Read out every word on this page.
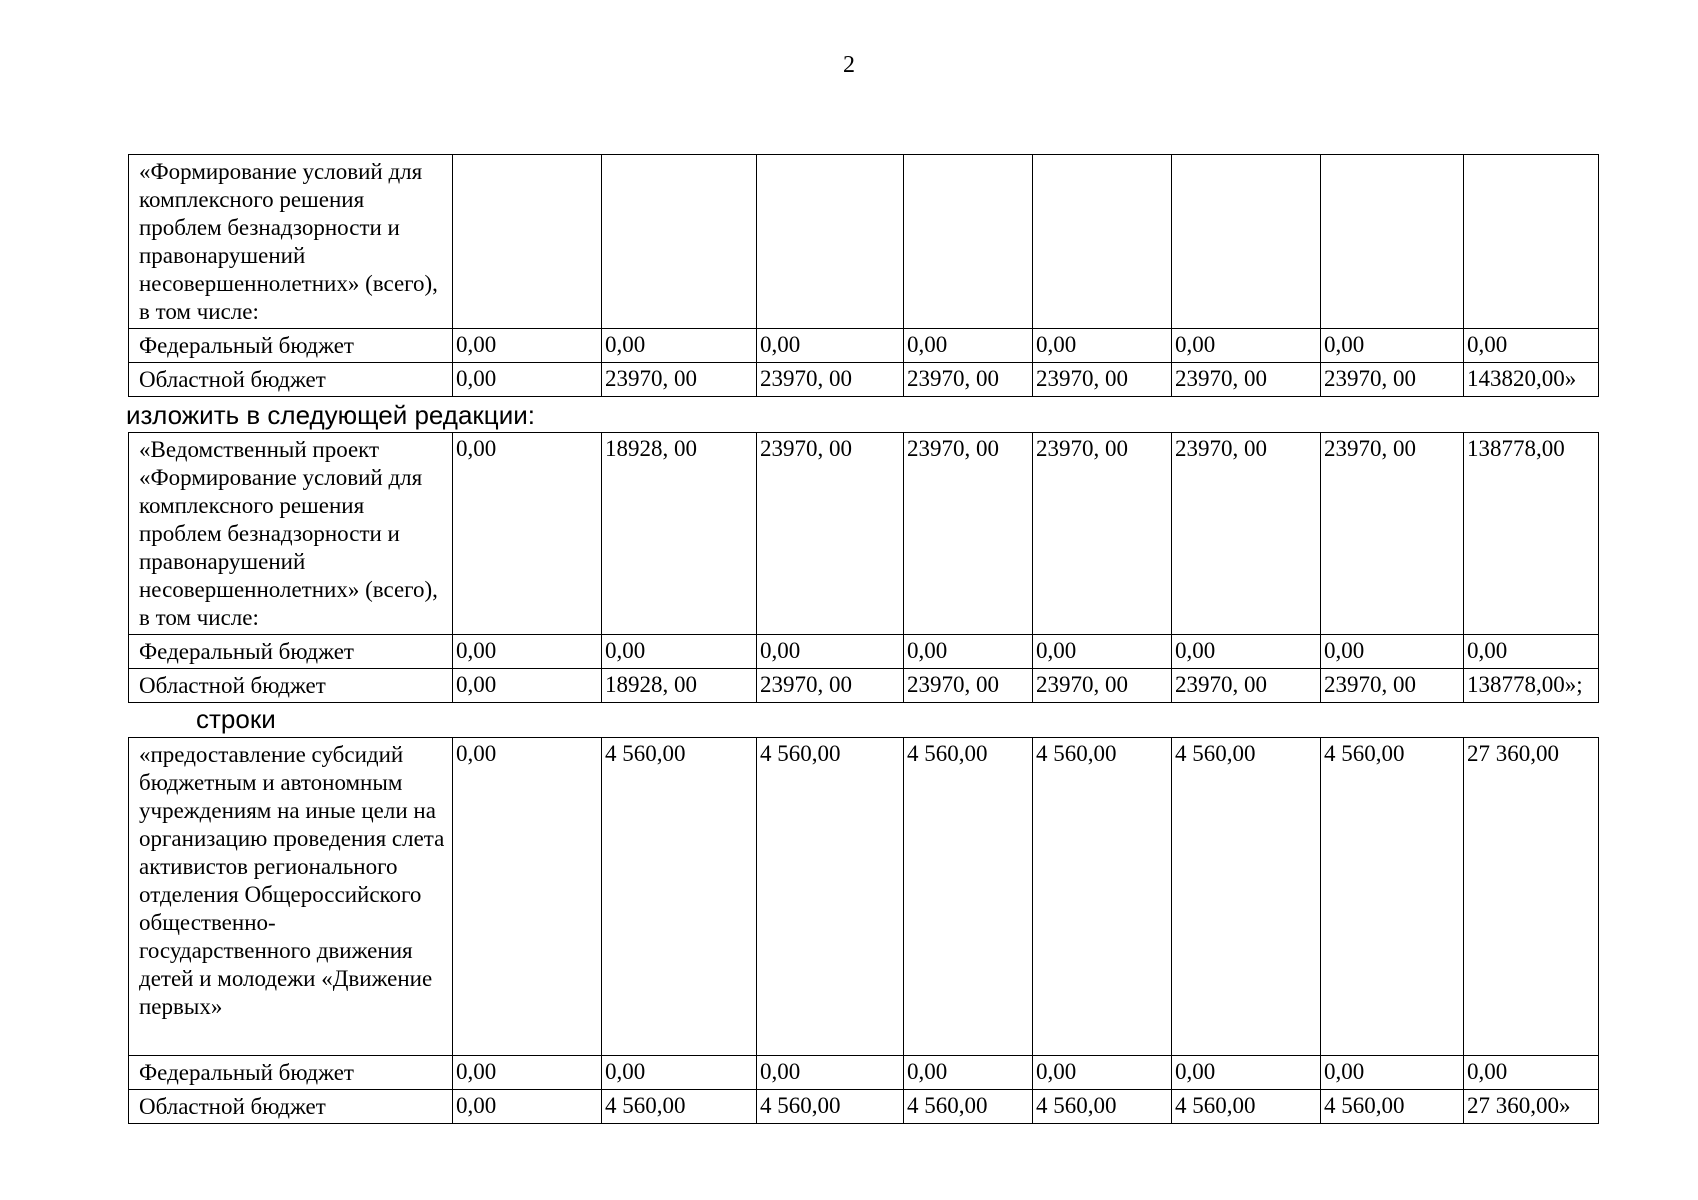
2
«Формирование условий для комплексного решения проблем безнадзорности и правонарушений несовершеннолетних» (всего), в том числе:								
Федеральный бюджет	0,00	0,00	0,00	0,00	0,00	0,00	0,00	0,00
Областной бюджет	0,00	23970, 00	23970, 00	23970, 00	23970, 00	23970, 00	23970, 00	143820,00»
изложить в следующей редакции:
«Ведомственный проект «Формирование условий для комплексного решения проблем безнадзорности и правонарушений несовершеннолетних» (всего), в том числе:	0,00	18928, 00	23970, 00	23970, 00	23970, 00	23970, 00	23970, 00	138778,00
Федеральный бюджет	0,00	0,00	0,00	0,00	0,00	0,00	0,00	0,00
Областной бюджет	0,00	18928, 00	23970, 00	23970, 00	23970, 00	23970, 00	23970, 00	138778,00»;
строки
«предоставление субсидий бюджетным и автономным учреждениям на иные цели на организацию проведения слета активистов регионального отделения Общероссийского общественно-государственного движения детей и молодежи «Движение первых»	0,00	4 560,00	4 560,00	4 560,00	4 560,00	4 560,00	4 560,00	27 360,00
Федеральный бюджет	0,00	0,00	0,00	0,00	0,00	0,00	0,00	0,00
Областной бюджет	0,00	4 560,00	4 560,00	4 560,00	4 560,00	4 560,00	4 560,00	27 360,00»
